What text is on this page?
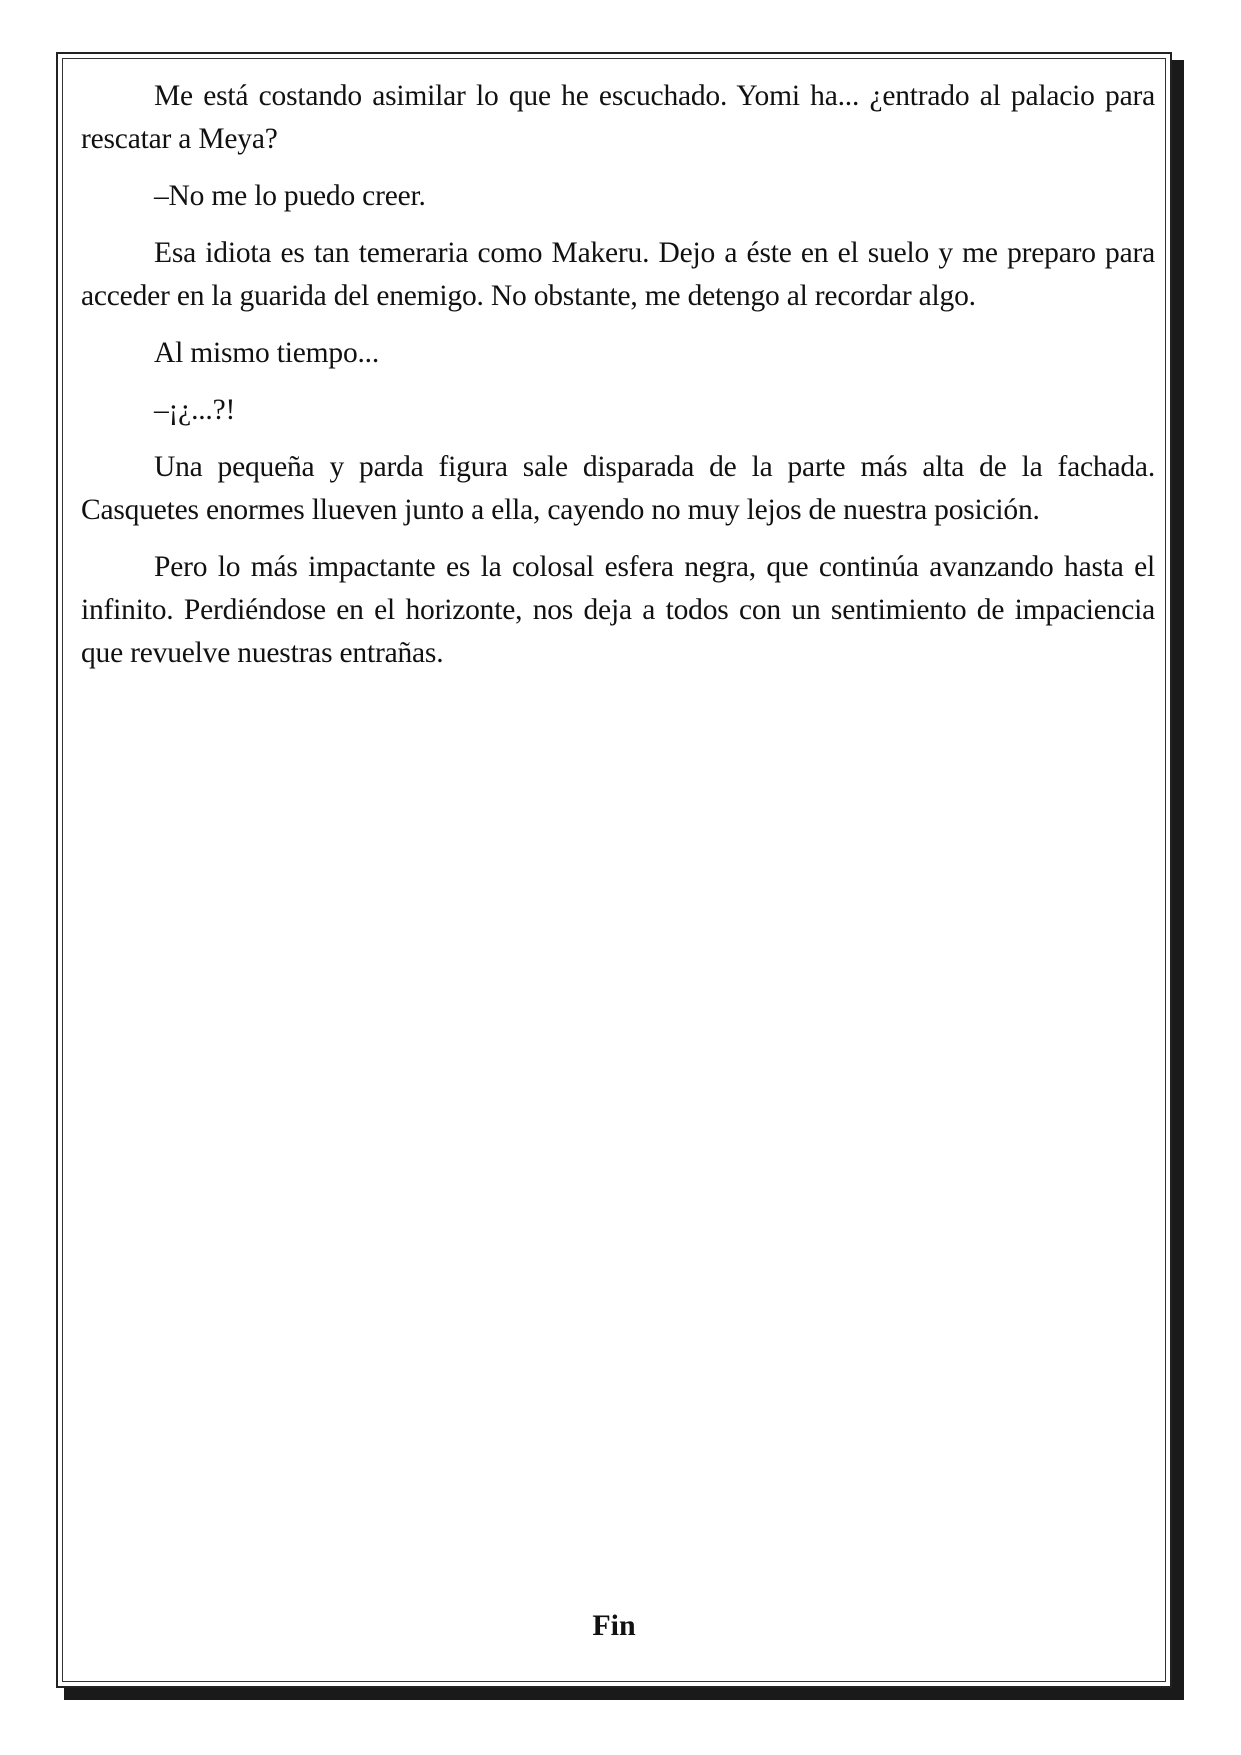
Me está costando asimilar lo que he escuchado. Yomi ha... ¿entrado al palacio para rescatar a Meya?

–No me lo puedo creer.

Esa idiota es tan temeraria como Makeru. Dejo a éste en el suelo y me preparo para acceder en la guarida del enemigo. No obstante, me detengo al recordar algo.

Al mismo tiempo...

–¡¿...?!

Una pequeña y parda figura sale disparada de la parte más alta de la fachada. Casquetes enormes llueven junto a ella, cayendo no muy lejos de nuestra posición.

Pero lo más impactante es la colosal esfera negra, que continúa avanzando hasta el infinito. Perdiéndose en el horizonte, nos deja a todos con un sentimiento de impaciencia que revuelve nuestras entrañas.

Fin
